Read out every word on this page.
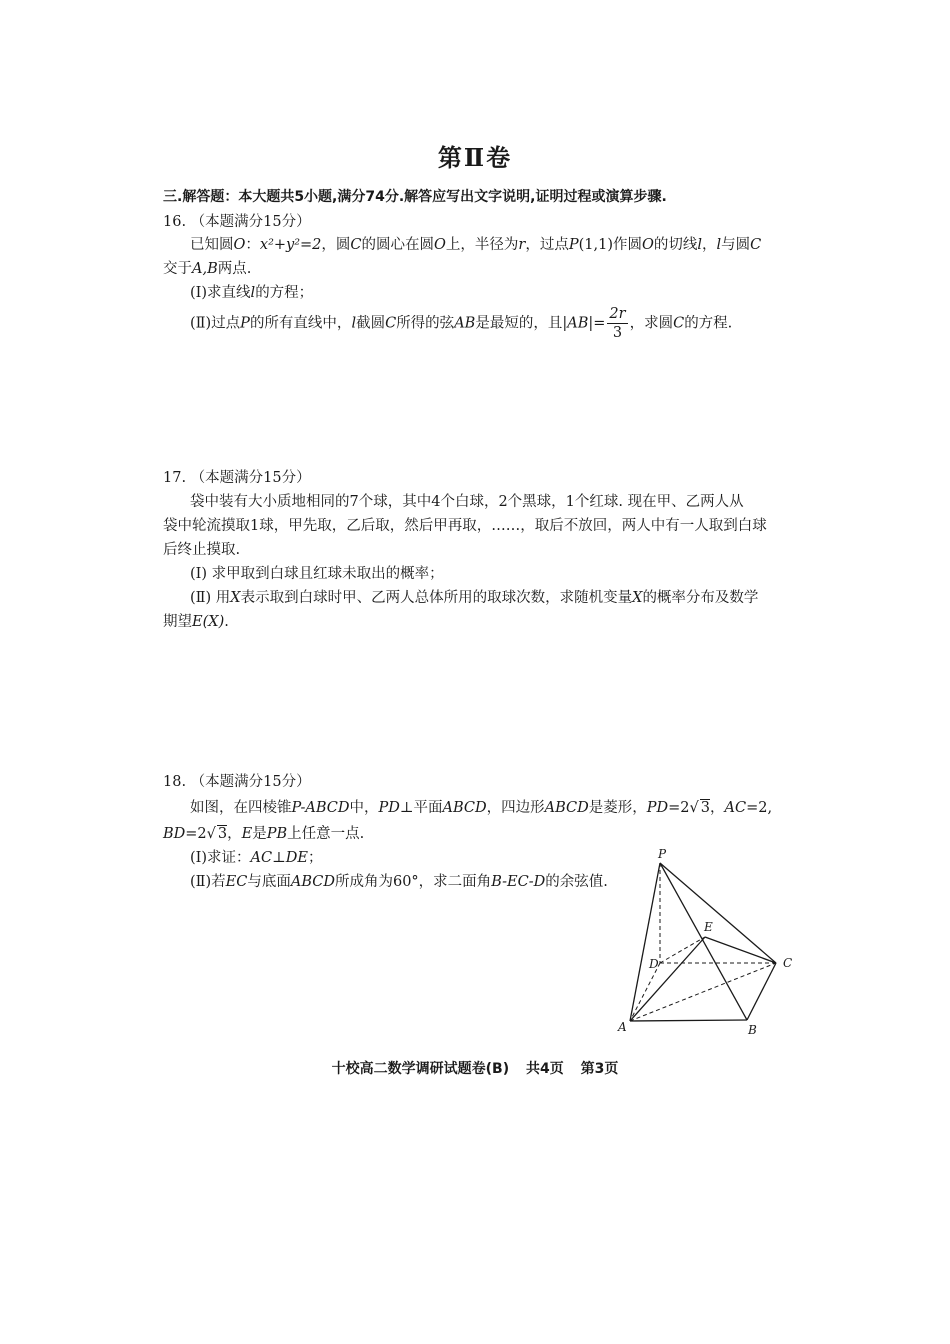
第Ⅱ卷
三.解答题：本大题共5小题,满分74分.解答应写出文字说明,证明过程或演算步骤.
16. （本题满分15分）
已知圆O：x²+y²=2，圆C的圆心在圆O上，半径为r，过点P(1,1)作圆O的切线l，l与圆C
交于A,B两点.
(Ⅰ)求直线l的方程；
(Ⅱ)过点P的所有直线中，l截圆C所得的弦AB是最短的，且$|AB|= \frac{2r}{3}$ ，求圆C的方程.
17. （本题满分15分）
袋中装有大小质地相同的7个球，其中4个白球，2个黑球，1个红球. 现在甲、乙两人从
袋中轮流摸取1球，甲先取，乙后取，然后甲再取，……，取后不放回，两人中有一人取到白球
后终止摸取.
(Ⅰ) 求甲取到白球且红球未取出的概率；
(Ⅱ) 用X表示取到白球时甲、乙两人总体所用的取球次数，求随机变量X的概率分布及数学
期望E(X).
18. （本题满分15分）
如图，在四棱锥P-ABCD中，PD⊥平面ABCD，四边形ABCD是菱形，PD=2√ 3，AC=2,
BD=2√ 3，E是PB上任意一点.
(Ⅰ)求证：AC⊥DE；
(Ⅱ)若EC与底面ABCD所成角为60°，求二面角B-EC-D的余弦值.
P
E
D	C
A	B
十校高二数学调研试题卷(B) 共4页 第3页
